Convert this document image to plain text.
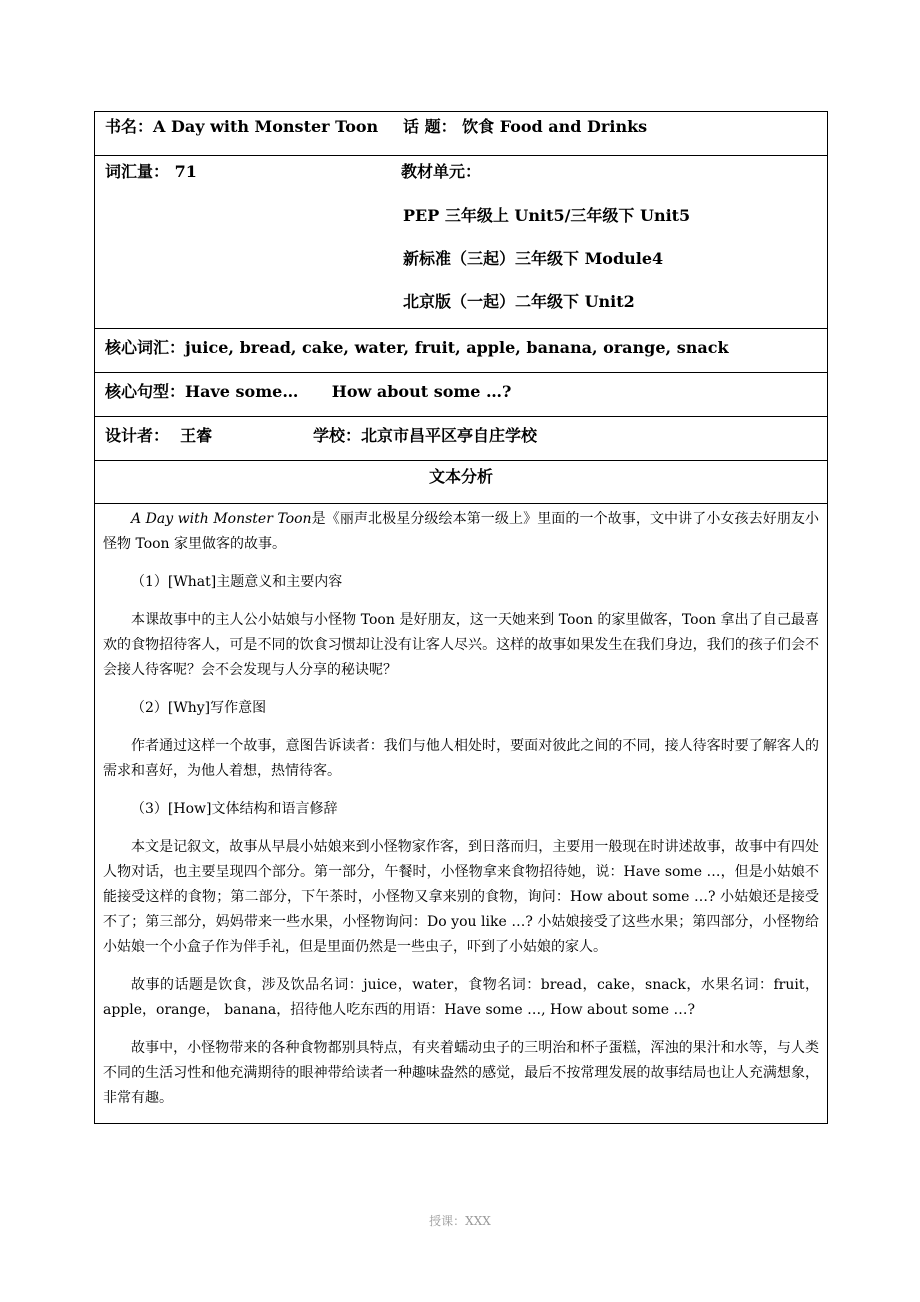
书名：A Day with Monster Toon 话 题： 饮食 Food and Drinks
词汇量： 71	教材单元：
PEP 三年级上 Unit5/三年级下 Unit5
新标准（三起）三年级下 Module4
北京版（一起）二年级下 Unit2
核心词汇：juice, bread, cake, water, fruit, apple, banana, orange, snack
核心句型：Have some…      How about some …?
设计者：  王睿	学校：北京市昌平区亭自庄学校
文本分析

A Day with Monster Toon是《丽声北极星分级绘本第一级上》里面的一个故事，文中讲了小女孩去好朋友小怪物 Toon 家里做客的故事。

（1）[What]主题意义和主要内容

本课故事中的主人公小姑娘与小怪物 Toon 是好朋友，这一天她来到 Toon 的家里做客，Toon 拿出了自己最喜欢的食物招待客人，可是不同的饮食习惯却让没有让客人尽兴。这样的故事如果发生在我们身边，我们的孩子们会不会接人待客呢？会不会发现与人分享的秘诀呢？

（2）[Why]写作意图

作者通过这样一个故事，意图告诉读者：我们与他人相处时，要面对彼此之间的不同，接人待客时要了解客人的需求和喜好，为他人着想，热情待客。

（3）[How]文体结构和语言修辞

本文是记叙文，故事从早晨小姑娘来到小怪物家作客，到日落而归，主要用一般现在时讲述故事，故事中有四处人物对话，也主要呈现四个部分。第一部分，午餐时，小怪物拿来食物招待她，说：Have some …，但是小姑娘不能接受这样的食物；第二部分，下午茶时，小怪物又拿来别的食物，询问：How about some …? 小姑娘还是接受不了；第三部分，妈妈带来一些水果，小怪物询问：Do you like …? 小姑娘接受了这些水果；第四部分，小怪物给小姑娘一个小盒子作为伴手礼，但是里面仍然是一些虫子，吓到了小姑娘的家人。

故事的话题是饮食，涉及饮品名词：juice，water，食物名词：bread，cake，snack，水果名词：fruit，apple，orange， banana，招待他人吃东西的用语：Have some …, How about some …?

故事中，小怪物带来的各种食物都别具特点，有夹着蠕动虫子的三明治和杯子蛋糕，浑浊的果汁和水等，与人类不同的生活习性和他充满期待的眼神带给读者一种趣味盎然的感觉，最后不按常理发展的故事结局也让人充满想象，非常有趣。

授课：XXX
